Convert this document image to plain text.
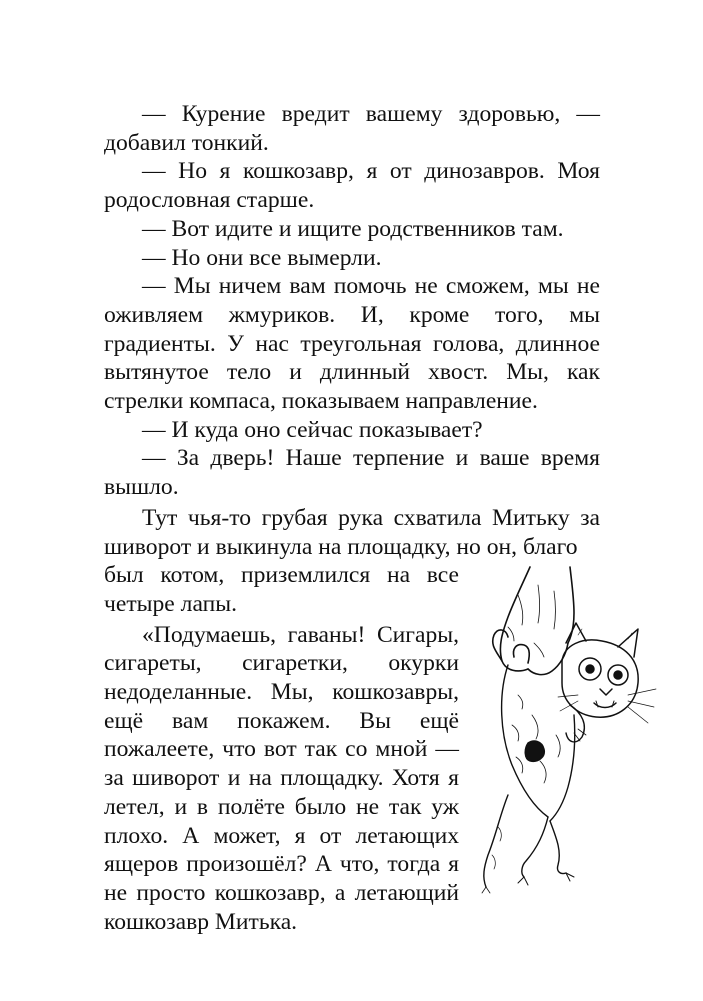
— Курение вредит вашему здоровью, — добавил тонкий.

— Но я кошкозавр, я от динозавров. Моя родословная старше.

— Вот идите и ищите родственников там.

— Но они все вымерли.

— Мы ничем вам помочь не сможем, мы не оживляем жмуриков. И, кроме того, мы градиенты. У нас треугольная голова, длинное вытянутое тело и длинный хвост. Мы, как стрелки компаса, показываем направление.

— И куда оно сейчас показывает?

— За дверь! Наше терпение и ваше время вышло.

Тут чья-то грубая рука схватила Митьку за шиворот и выкинула на площадку, но он, благо

был котом, приземлился на все четыре лапы.

«Подумаешь, гаваны! Сигары, сигареты, сигаретки, окурки недоделанные. Мы, кошкозавры, ещё вам покажем. Вы ещё пожалеете, что вот так со мной — за шиворот и на площадку. Хотя я летел, и в полёте было не так уж плохо. А может, я от летающих ящеров произошёл? А что, тогда я не просто кошкозавр, а летающий кошкозавр Митька.
